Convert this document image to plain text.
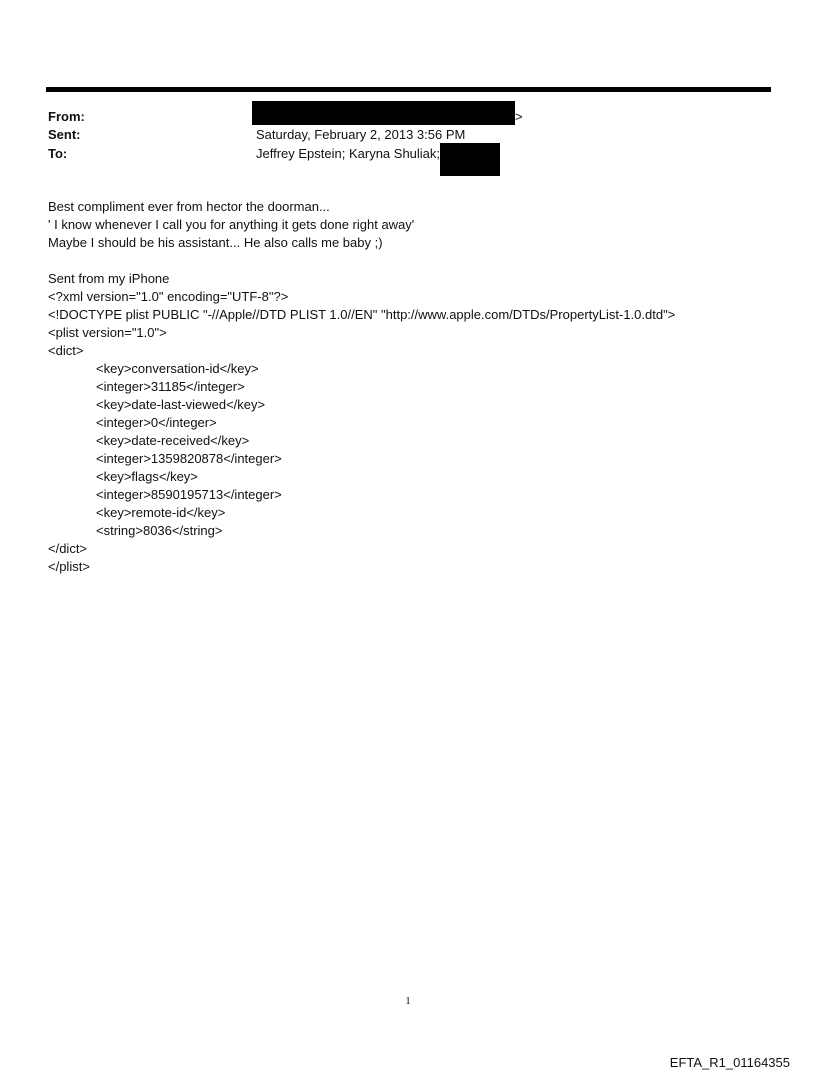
From:	>
Sent:	Saturday, February 2, 2013 3:56 PM
To:	Jeffrey Epstein; Karyna Shuliak;
Best compliment ever from hector the doorman...
' I know whenever I call you for anything it gets done right away'
Maybe I should be his assistant... He also calls me baby ;)
Sent from my iPhone
<?xml version="1.0" encoding="UTF-8"?>
<!DOCTYPE plist PUBLIC "-//Apple//DTD PLIST 1.0//EN" "http://www.apple.com/DTDs/PropertyList-1.0.dtd">
<plist version="1.0">
<dict>
<key>conversation-id</key>
<integer>31185</integer>
<key>date-last-viewed</key>
<integer>0</integer>
<key>date-received</key>
<integer>1359820878</integer>
<key>flags</key>
<integer>8590195713</integer>
<key>remote-id</key>
<string>8036</string>
</dict>
</plist>
1
EFTA_R1_01164355
